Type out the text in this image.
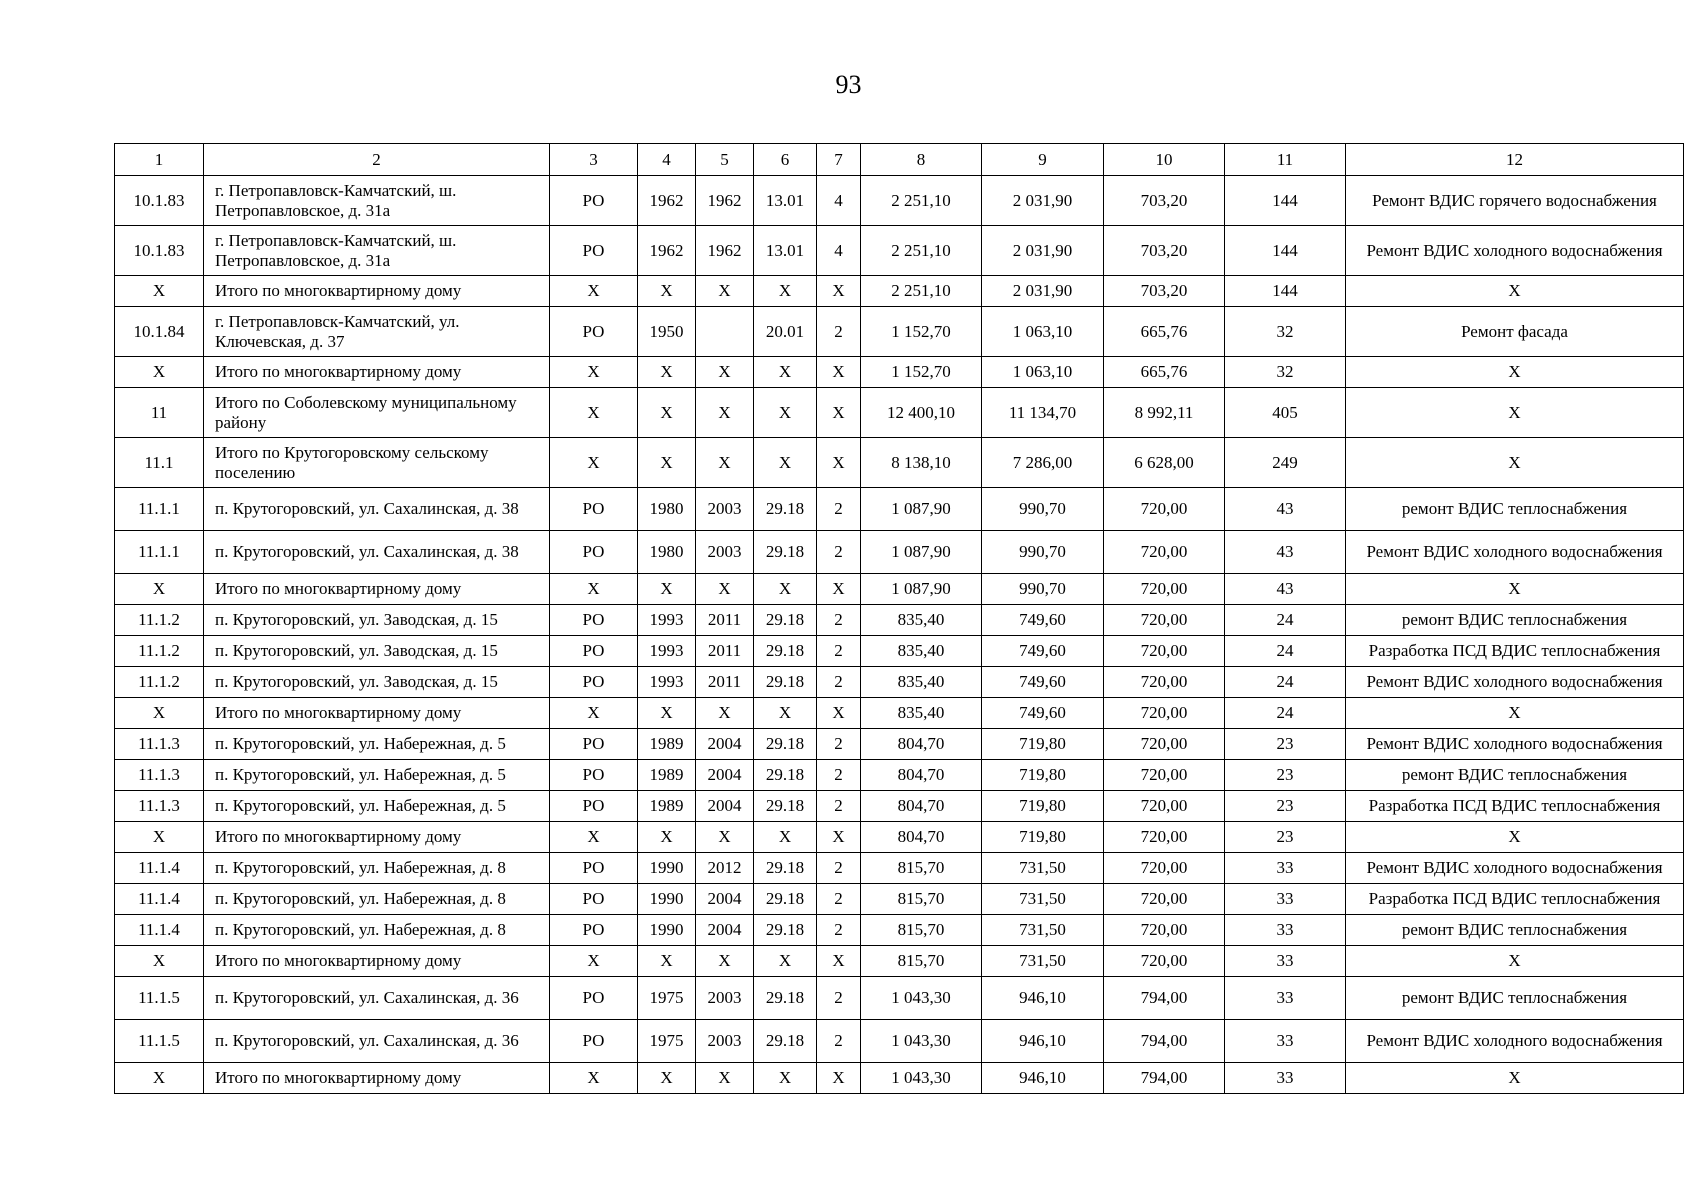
93
1	2	3	4	5	6	7	8	9	10	11	12
10.1.83	г. Петропавловск-Камчатский, ш. Петропавловское, д. 31а	РО	1962	1962	13.01	4	2 251,10	2 031,90	703,20	144	Ремонт ВДИС горячего водоснабжения
10.1.83	г. Петропавловск-Камчатский, ш. Петропавловское, д. 31а	РО	1962	1962	13.01	4	2 251,10	2 031,90	703,20	144	Ремонт ВДИС холодного водоснабжения
X	Итого по многоквартирному дому	X	X	X	X	X	2 251,10	2 031,90	703,20	144	X
10.1.84	г. Петропавловск-Камчатский, ул. Ключевская, д. 37	РО	1950		20.01	2	1 152,70	1 063,10	665,76	32	Ремонт фасада
X	Итого по многоквартирному дому	X	X	X	X	X	1 152,70	1 063,10	665,76	32	X
11	Итого по Соболевскому муниципальному району	X	X	X	X	X	12 400,10	11 134,70	8 992,11	405	X
11.1	Итого по Крутогоровскому сельскому поселению	X	X	X	X	X	8 138,10	7 286,00	6 628,00	249	X
11.1.1	п. Крутогоровский, ул. Сахалинская, д. 38	РО	1980	2003	29.18	2	1 087,90	990,70	720,00	43	ремонт ВДИС теплоснабжения
11.1.1	п. Крутогоровский, ул. Сахалинская, д. 38	РО	1980	2003	29.18	2	1 087,90	990,70	720,00	43	Ремонт ВДИС холодного водоснабжения
X	Итого по многоквартирному дому	X	X	X	X	X	1 087,90	990,70	720,00	43	X
11.1.2	п. Крутогоровский, ул. Заводская, д. 15	РО	1993	2011	29.18	2	835,40	749,60	720,00	24	ремонт ВДИС теплоснабжения
11.1.2	п. Крутогоровский, ул. Заводская, д. 15	РО	1993	2011	29.18	2	835,40	749,60	720,00	24	Разработка ПСД ВДИС теплоснабжения
11.1.2	п. Крутогоровский, ул. Заводская, д. 15	РО	1993	2011	29.18	2	835,40	749,60	720,00	24	Ремонт ВДИС холодного водоснабжения
X	Итого по многоквартирному дому	X	X	X	X	X	835,40	749,60	720,00	24	X
11.1.3	п. Крутогоровский, ул. Набережная, д. 5	РО	1989	2004	29.18	2	804,70	719,80	720,00	23	Ремонт ВДИС холодного водоснабжения
11.1.3	п. Крутогоровский, ул. Набережная, д. 5	РО	1989	2004	29.18	2	804,70	719,80	720,00	23	ремонт ВДИС теплоснабжения
11.1.3	п. Крутогоровский, ул. Набережная, д. 5	РО	1989	2004	29.18	2	804,70	719,80	720,00	23	Разработка ПСД ВДИС теплоснабжения
X	Итого по многоквартирному дому	X	X	X	X	X	804,70	719,80	720,00	23	X
11.1.4	п. Крутогоровский, ул. Набережная, д. 8	РО	1990	2012	29.18	2	815,70	731,50	720,00	33	Ремонт ВДИС холодного водоснабжения
11.1.4	п. Крутогоровский, ул. Набережная, д. 8	РО	1990	2004	29.18	2	815,70	731,50	720,00	33	Разработка ПСД ВДИС теплоснабжения
11.1.4	п. Крутогоровский, ул. Набережная, д. 8	РО	1990	2004	29.18	2	815,70	731,50	720,00	33	ремонт ВДИС теплоснабжения
X	Итого по многоквартирному дому	X	X	X	X	X	815,70	731,50	720,00	33	X
11.1.5	п. Крутогоровский, ул. Сахалинская, д. 36	РО	1975	2003	29.18	2	1 043,30	946,10	794,00	33	ремонт ВДИС теплоснабжения
11.1.5	п. Крутогоровский, ул. Сахалинская, д. 36	РО	1975	2003	29.18	2	1 043,30	946,10	794,00	33	Ремонт ВДИС холодного водоснабжения
X	Итого по многоквартирному дому	X	X	X	X	X	1 043,30	946,10	794,00	33	X
